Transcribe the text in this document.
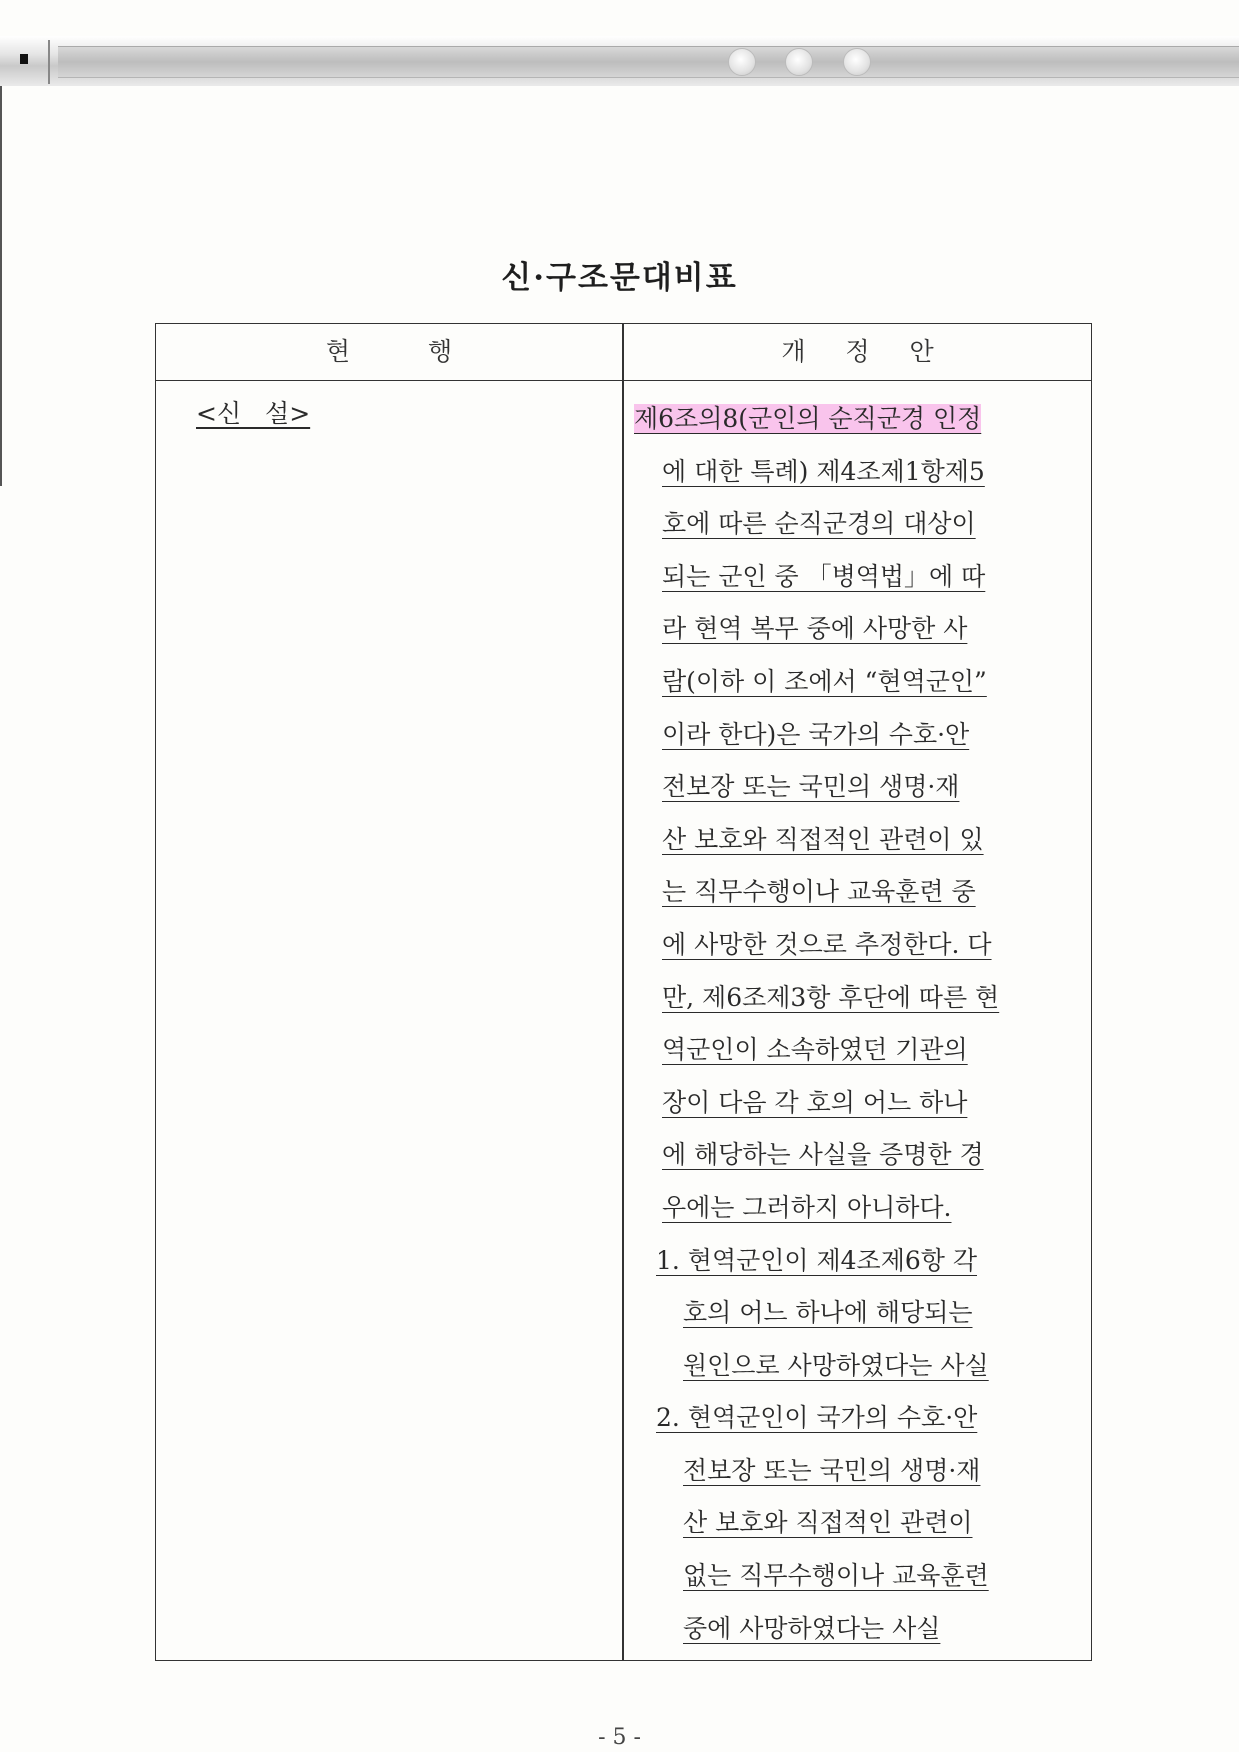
신·구조문대비표
현 행	개 정 안
<신 설>	제6조의8(군인의 순직군경 인정
에 대한 특례) 제4조제1항제5
호에 따른 순직군경의 대상이
되는 군인 중 「병역법」에 따
라 현역 복무 중에 사망한 사
람(이하 이 조에서 “현역군인”
이라 한다)은 국가의 수호·안
전보장 또는 국민의 생명·재
산 보호와 직접적인 관련이 있
는 직무수행이나 교육훈련 중
에 사망한 것으로 추정한다. 다
만, 제6조제3항 후단에 따른 현
역군인이 소속하였던 기관의
장이 다음 각 호의 어느 하나
에 해당하는 사실을 증명한 경
우에는 그러하지 아니하다.
1. 현역군인이 제4조제6항 각
호의 어느 하나에 해당되는
원인으로 사망하였다는 사실
2. 현역군인이 국가의 수호·안
전보장 또는 국민의 생명·재
산 보호와 직접적인 관련이
없는 직무수행이나 교육훈련
중에 사망하였다는 사실
- 5 -
